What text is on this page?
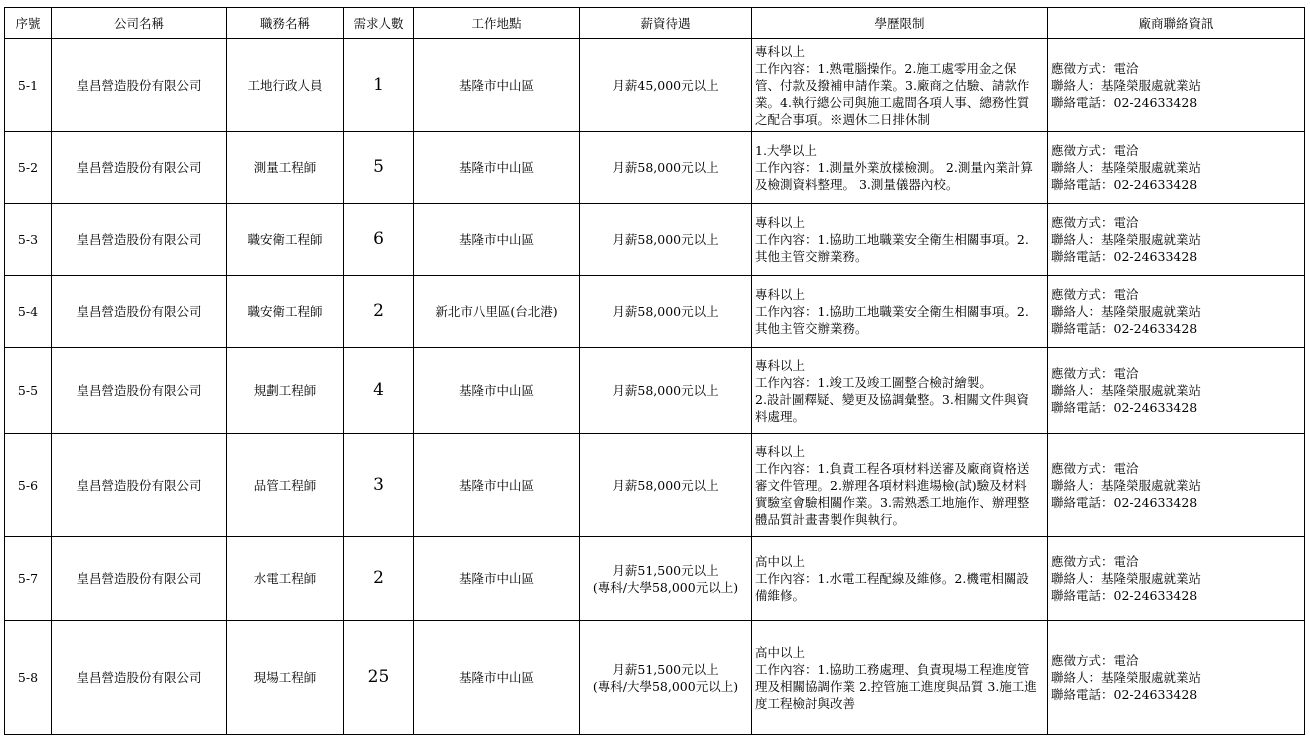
序號	公司名稱	職務名稱	需求人數	工作地點	薪資待遇	學歷限制	廠商聯絡資訊
5-1	皇昌營造股份有限公司	工地行政人員	1	基隆市中山區	月薪45,000元以上	專科以上
工作內容：1.熟電腦操作。2.施工處零用金之保
管、付款及撥補申請作業。3.廠商之估驗、請款作
業。4.執行總公司與施工處間各項人事、總務性質
之配合事項。※週休二日排休制	應徵方式：電洽
聯絡人：基隆榮服處就業站
聯絡電話：02-24633428

5-2	皇昌營造股份有限公司	測量工程師	5	基隆市中山區	月薪58,000元以上	1.大學以上
工作內容：1.測量外業放樣檢測。 2.測量內業計算
及檢測資料整理。 3.測量儀器內校。	應徵方式：電洽
聯絡人：基隆榮服處就業站
聯絡電話：02-24633428

5-3	皇昌營造股份有限公司	職安衛工程師	6	基隆市中山區	月薪58,000元以上	專科以上
工作內容：1.協助工地職業安全衛生相關事項。2.
其他主管交辦業務。	應徵方式：電洽
聯絡人：基隆榮服處就業站
聯絡電話：02-24633428

5-4	皇昌營造股份有限公司	職安衛工程師	2	新北市八里區(台北港)	月薪58,000元以上	專科以上
工作內容：1.協助工地職業安全衛生相關事項。2.
其他主管交辦業務。	應徵方式：電洽
聯絡人：基隆榮服處就業站
聯絡電話：02-24633428

5-5	皇昌營造股份有限公司	規劃工程師	4	基隆市中山區	月薪58,000元以上	專科以上
工作內容：1.竣工及竣工圖整合檢討繪製。
2.設計圖釋疑、變更及協調彙整。3.相關文件與資
料處理。	應徵方式：電洽
聯絡人：基隆榮服處就業站
聯絡電話：02-24633428

5-6	皇昌營造股份有限公司	品管工程師	3	基隆市中山區	月薪58,000元以上	專科以上
工作內容：1.負責工程各項材料送審及廠商資格送
審文件管理。2.辦理各項材料進場檢(試)驗及材料
實驗室會驗相關作業。3.需熟悉工地施作、辦理整
體品質計畫書製作與執行。	應徵方式：電洽
聯絡人：基隆榮服處就業站
聯絡電話：02-24633428

5-7	皇昌營造股份有限公司	水電工程師	2	基隆市中山區	月薪51,500元以上
(專科/大學58,000元以上)	高中以上
工作內容：1.水電工程配線及維修。2.機電相關設
備維修。	應徵方式：電洽
聯絡人：基隆榮服處就業站
聯絡電話：02-24633428

5-8	皇昌營造股份有限公司	現場工程師	25	基隆市中山區	月薪51,500元以上
(專科/大學58,000元以上)	高中以上
工作內容：1.協助工務處理、負責現場工程進度管
理及相關協調作業 2.控管施工進度與品質 3.施工進
度工程檢討與改善	應徵方式：電洽
聯絡人：基隆榮服處就業站
聯絡電話：02-24633428
